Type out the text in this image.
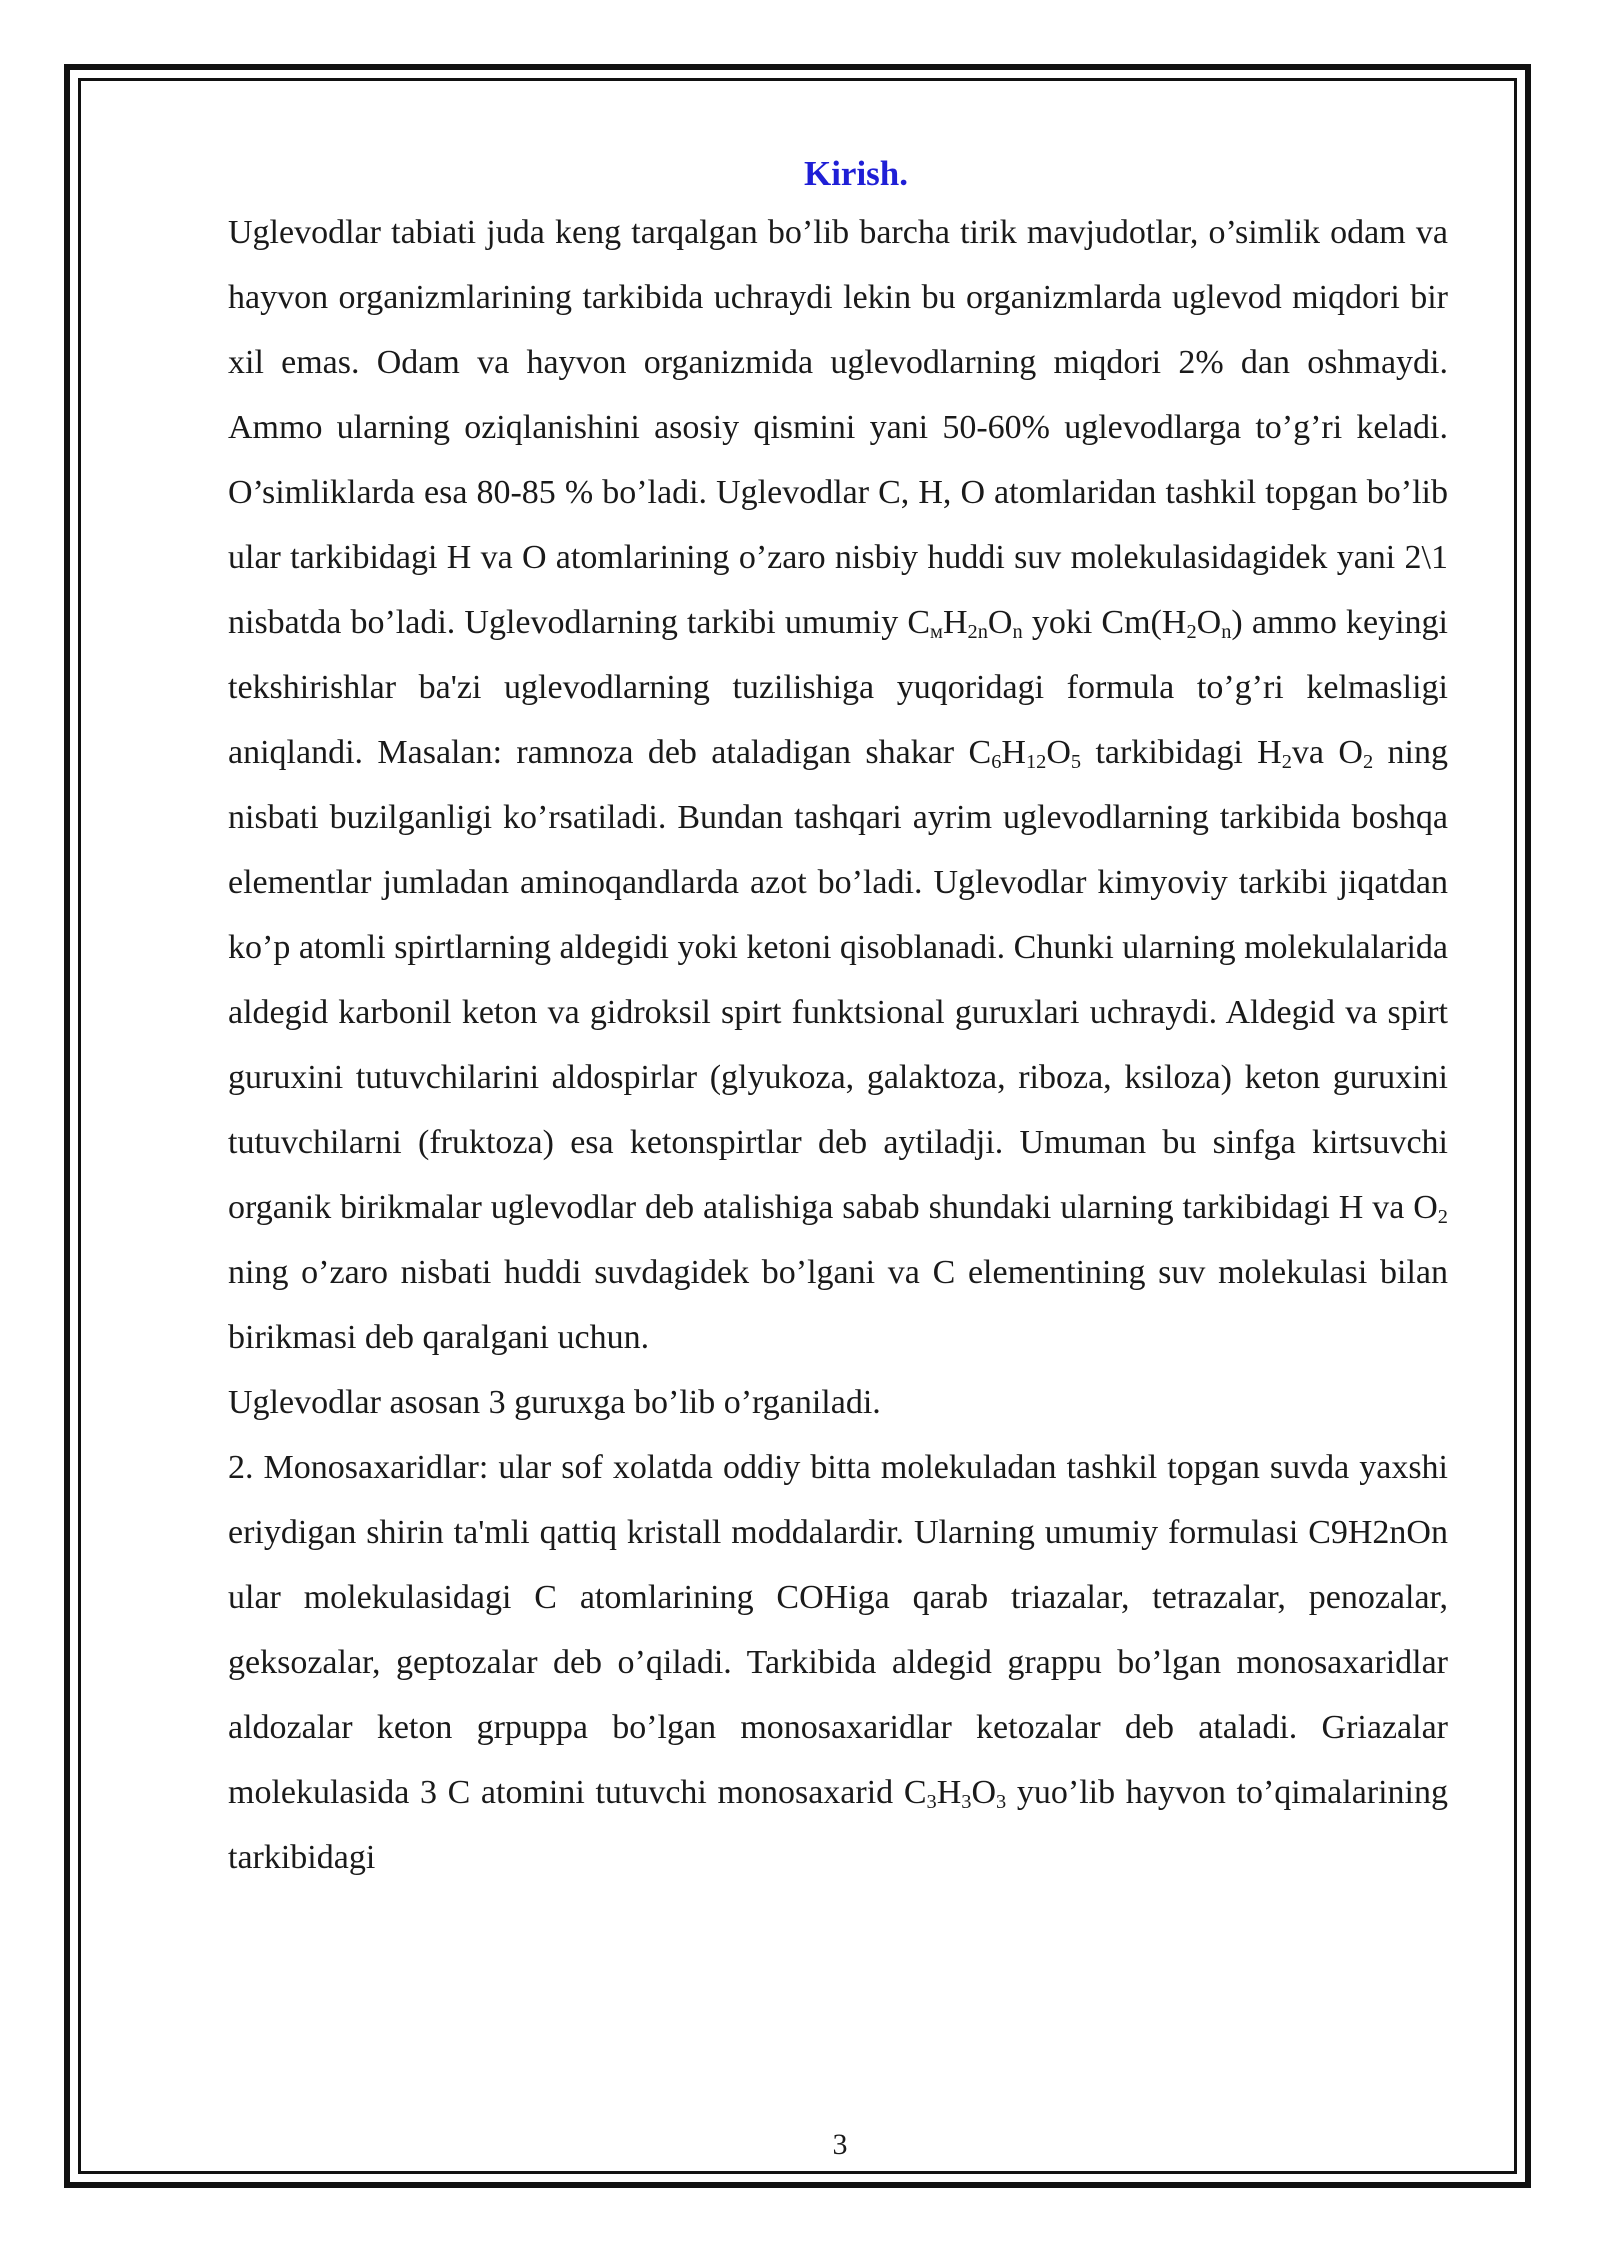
Kirish.

Uglevodlar tabiati juda keng tarqalgan bo’lib barcha tirik mavjudotlar, o’simlik odam va hayvon organizmlarining tarkibida uchraydi lekin bu organizmlarda uglevod miqdori bir xil emas. Odam va hayvon organizmida uglevodlarning miqdori 2% dan oshmaydi. Ammo ularning oziqlanishini asosiy qismini yani 50-60% uglevodlarga to’g’ri keladi. O’simliklarda esa 80-85 % bo’ladi. Uglevodlar C, H, O atomlaridan tashkil topgan bo’lib ular tarkibidagi H va O atomlarining o’zaro nisbiy huddi suv molekulasidagidek yani 2\1 nisbatda bo’ladi. Uglevodlarning tarkibi umumiy $C_мH_{2n}O_n$ yoki $Cm(H_2O_n)$ ammo keyingi tekshirishlar ba'zi uglevodlarning tuzilishiga yuqoridagi formula to’g’ri kelmasligi aniqlandi. Masalan: ramnoza deb ataladigan shakar $C_6H_{12}O_5$ tarkibidagi $H_2va$ $O_2$ ning nisbati buzilganligi ko’rsatiladi. Bundan tashqari ayrim uglevodlarning tarkibida boshqa elementlar jumladan aminoqandlarda azot bo’ladi. Uglevodlar kimyoviy tarkibi jiqatdan ko’p atomli spirtlarning aldegidi yoki ketoni qisoblanadi. Chunki ularning molekulalarida aldegid karbonil keton va gidroksil spirt funktsional guruxlari uchraydi. Aldegid va spirt guruxini tutuvchilarini aldospirlar (glyukoza, galaktoza, riboza, ksiloza) keton guruxini tutuvchilarni (fruktoza) esa ketonspirtlar deb aytiladji. Umuman bu sinfga kirtsuvchi organik birikmalar uglevodlar deb atalishiga sabab shundaki ularning tarkibidagi H va $O_2$ ning o’zaro nisbati huddi suvdagidek bo’lgani va C elementining suv molekulasi bilan birikmasi deb qaralgani uchun.

Uglevodlar asosan 3 guruxga bo’lib o’rganiladi.

2. Monosaxaridlar: ular sof xolatda oddiy bitta molekuladan tashkil topgan suvda yaxshi eriydigan shirin ta'mli qattiq kristall moddalardir. Ularning umumiy formulasi C9H2nOn ular molekulasidagi C atomlarining COHiga qarab triazalar, tetrazalar, penozalar, geksozalar, geptozalar deb o’qiladi. Tarkibida aldegid grappu bo’lgan monosaxaridlar aldozalar keton grpuppa bo’lgan monosaxaridlar ketozalar deb ataladi. Griazalar molekulasida 3 C atomini tutuvchi monosaxarid $C_3H_3O_3$ yuo’lib hayvon to’qimalarining tarkibidagi

3
